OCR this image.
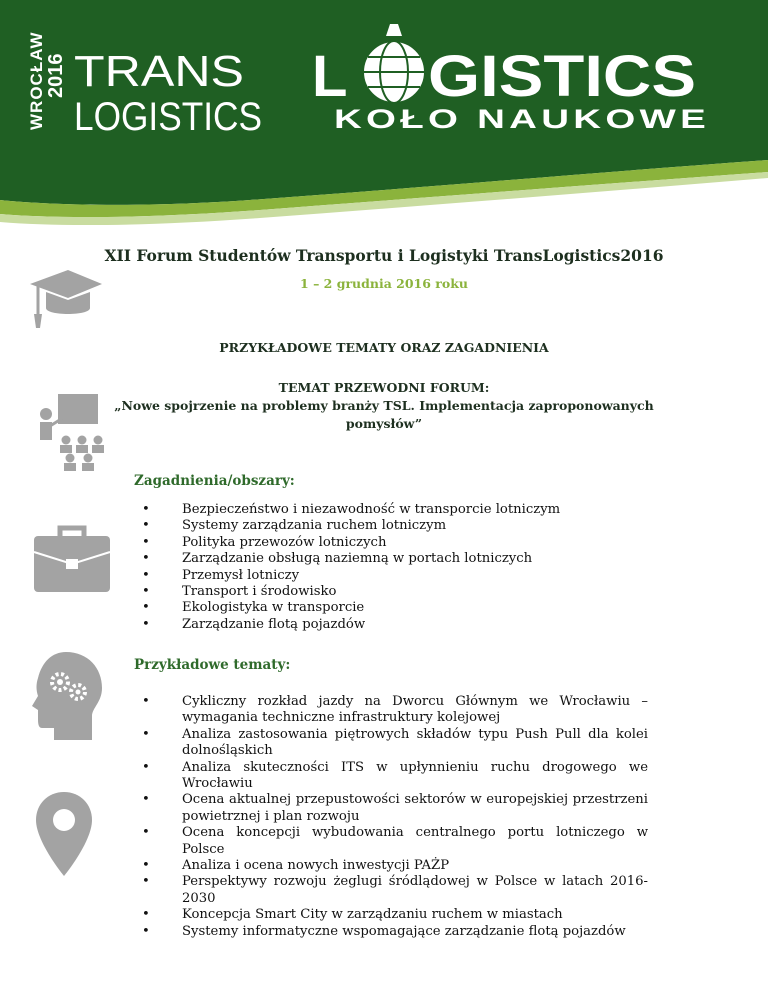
WROCŁAW 2016 TRANS
LOGISTICS
L GISTICS
KOŁO NAUKOWE
XII Forum Studentów Transportu i Logistyki TransLogistics2016
1 – 2 grudnia 2016 roku
PRZYKŁADOWE TEMATY ORAZ ZAGADNIENIA
TEMAT PRZEWODNI FORUM:
„Nowe spojrzenie na problemy branży TSL. Implementacja zaproponowanych
pomysłów”
Zagadnienia/obszary:
• Bezpieczeństwo i niezawodność w transporcie lotniczym
• Systemy zarządzania ruchem lotniczym
• Polityka przewozów lotniczych
• Zarządzanie obsługą naziemną w portach lotniczych
• Przemysł lotniczy
• Transport i środowisko
• Ekologistyka w transporcie
• Zarządzanie flotą pojazdów
Przykładowe tematy:
• Cykliczny rozkład jazdy na Dworcu Głównym we Wrocławiu – wymagania techniczne infrastruktury kolejowej
• Analiza zastosowania piętrowych składów typu Push Pull dla kolei dolnośląskich
• Analiza skuteczności ITS w upłynnieniu ruchu drogowego we Wrocławiu
• Ocena aktualnej przepustowości sektorów w europejskiej przestrzeni powietrznej i plan rozwoju
• Ocena koncepcji wybudowania centralnego portu lotniczego w Polsce
• Analiza i ocena nowych inwestycji PAŻP
• Perspektywy rozwoju żeglugi śródlądowej w Polsce w latach 2016-2030
• Koncepcja Smart City w zarządzaniu ruchem w miastach
• Systemy informatyczne wspomagające zarządzanie flotą pojazdów
